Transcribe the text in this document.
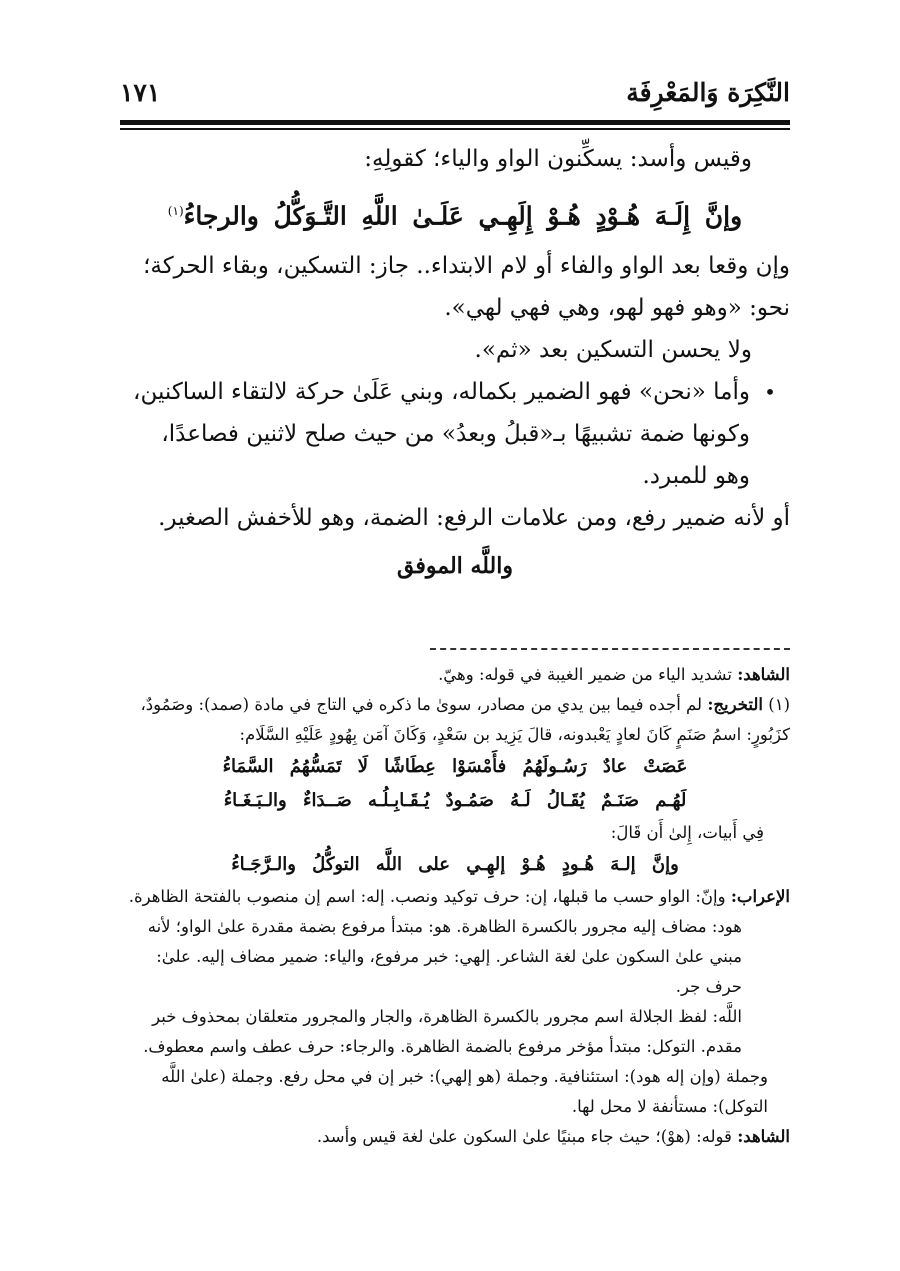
النَّكِرَة وَالمَعْرِفَة
١٧١

وقيس وأسد: يسكِّنون الواو والياء؛ كقولِهِ:

وإنَّ إِلَـهَ هُـوْدٍ هُـوْ إِلَهِـي عَلَـىٰ اللَّهِ التَّـوَكُّلُ والرجاءُ$^{(١)}$

وإن وقعا بعد الواو والفاء أو لام الابتداء.. جاز: التسكين، وبقاء الحركة؛ نحو: «وهو فهو لهو، وهي فهي لهي».

ولا يحسن التسكين بعد «ثم».

•
وأما «نحن» فهو الضمير بكماله، وبني عَلَىٰ حركة لالتقاء الساكنين، وكونها ضمة تشبيهًا بـ«قبلُ وبعدُ» من حيث صلح لاثنين فصاعدًا، وهو للمبرد.

أو لأنه ضمير رفع، ومن علامات الرفع: الضمة، وهو للأخفش الصغير.

واللَّه الموفق

الشاهد: تشديد الياء من ضمير الغيبة في قوله: وهيّ.

(١) التخريج: لم أجده فيما بين يدي من مصادر، سوىٰ ما ذكره في التاج في مادة (صمد): وصَمُودٌ، كزَبُورٍ: اسمُ صَنَمٍ كَانَ لعادٍ يَعْبدونه، قالَ يَزِيد بن سَعْدٍ، وَكَانَ آمَن بِهُودٍ عَلَيْهِ السَّلَام:

عَصَتْ عادٌ رَسُـولَهُمُ فأَمْسَوْا عِطَاشًا لَا تَمَسُّهُمُ السَّمَاءُ

لَهُـم صَنَـمٌ يُقَـالُ لَـهُ صَمُـودٌ يُـقَـابِـلُـه صَــدَاءٌ والـبَـغَـاءُ

فِي أَبيات، إِلىٰ أَن قَالَ:

وإنَّ إلـهَ هُـودٍ هُـوْ إلهِـي على اللَّه التوكُّلُ والـرَّجَـاءُ

الإعراب: وإنّ: الواو حسب ما قبلها، إن: حرف توكيد ونصب. إله: اسم إن منصوب بالفتحة الظاهرة.

هود: مضاف إليه مجرور بالكسرة الظاهرة. هو: مبتدأ مرفوع بضمة مقدرة علىٰ الواو؛ لأنه مبني علىٰ السكون علىٰ لغة الشاعر. إلهي: خبر مرفوع، والياء: ضمير مضاف إليه. علىٰ: حرف جر.

اللَّه: لفظ الجلالة اسم مجرور بالكسرة الظاهرة، والجار والمجرور متعلقان بمحذوف خبر مقدم. التوكل: مبتدأ مؤخر مرفوع بالضمة الظاهرة. والرجاء: حرف عطف واسم معطوف.

وجملة (وإن إله هود): استئنافية. وجملة (هو إلهي): خبر إن في محل رفع. وجملة (علىٰ اللَّه التوكل): مستأنفة لا محل لها.

الشاهد: قوله: (هوْ)؛ حيث جاء مبنيًا علىٰ السكون علىٰ لغة قيس وأسد.
